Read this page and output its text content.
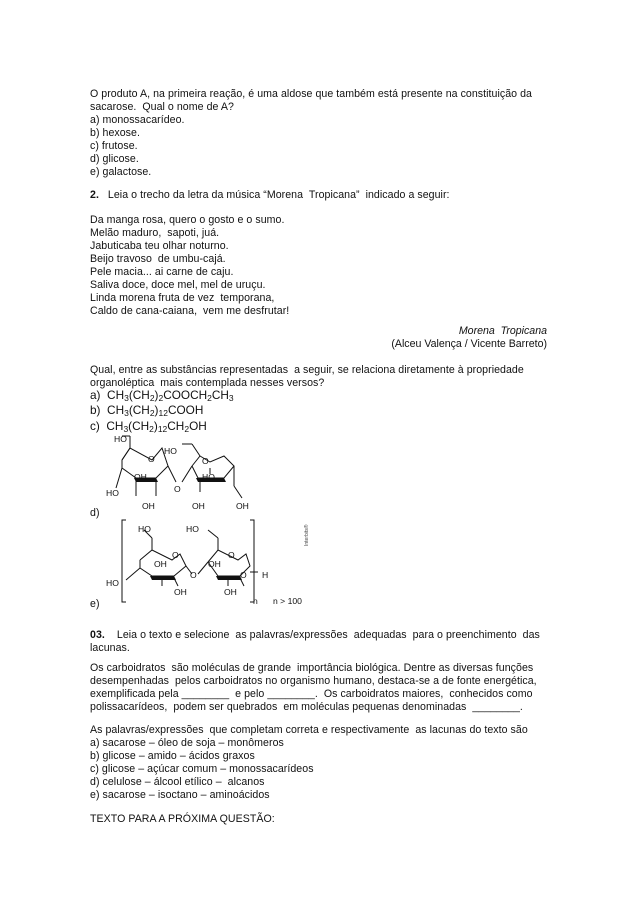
O produto A, na primeira reação, é uma aldose que também está presente na constituição da
sacarose.  Qual o nome de A?
a) monossacarídeo.
b) hexose.
c) frutose.
d) glicose.
e) galactose.
2. Leia o trecho da letra da música “Morena  Tropicana”  indicado a seguir:
Da manga rosa, quero o gosto e o sumo.
Melão maduro,  sapoti, juá.
Jabuticaba teu olhar noturno.
Beijo travoso  de umbu-cajá.
Pele macia... ai carne de caju.
Saliva doce, doce mel, mel de uruçu.
Linda morena fruta de vez  temporana,
Caldo de cana-caiana,  vem me desfrutar!
Morena  Tropicana
(Alceu Valença / Vicente Barreto)
Qual, entre as substâncias representadas  a seguir, se relaciona diretamente à propriedade
organoléptica  mais contemplada nesses versos?
a)  $CH_3(CH_2)_2COOCH_2CH_3$
b)  $CH_3(CH_2)_{12}COOH$
c)  $CH_3(CH_2)_{12}CH_2OH$
d)
HO
O
OH
HO
OH
O
HO
O
HO
OH	OH
Interbits®
e)
HO	HO
O
OH
HO
OH
O
O
OH
OH
O H
n n > 100
03. Leia o texto e selecione  as palavras/expressões  adequadas  para o preenchimento  das
lacunas.
Os carboidratos  são moléculas de grande  importância biológica. Dentre as diversas funções
desempenhadas  pelos carboidratos no organismo humano, destaca-se a de fonte energética,
exemplificada pela ________  e pelo ________.  Os carboidratos maiores,  conhecidos como
polissacarídeos,  podem ser quebrados  em moléculas pequenas denominadas  ________.
As palavras/expressões  que completam correta e respectivamente  as lacunas do texto são
a) sacarose – óleo de soja – monômeros
b) glicose – amido – ácidos graxos
c) glicose – açúcar comum – monossacarídeos
d) celulose – álcool etílico –  alcanos
e) sacarose – isoctano – aminoácidos
TEXTO PARA A PRÓXIMA QUESTÃO:
